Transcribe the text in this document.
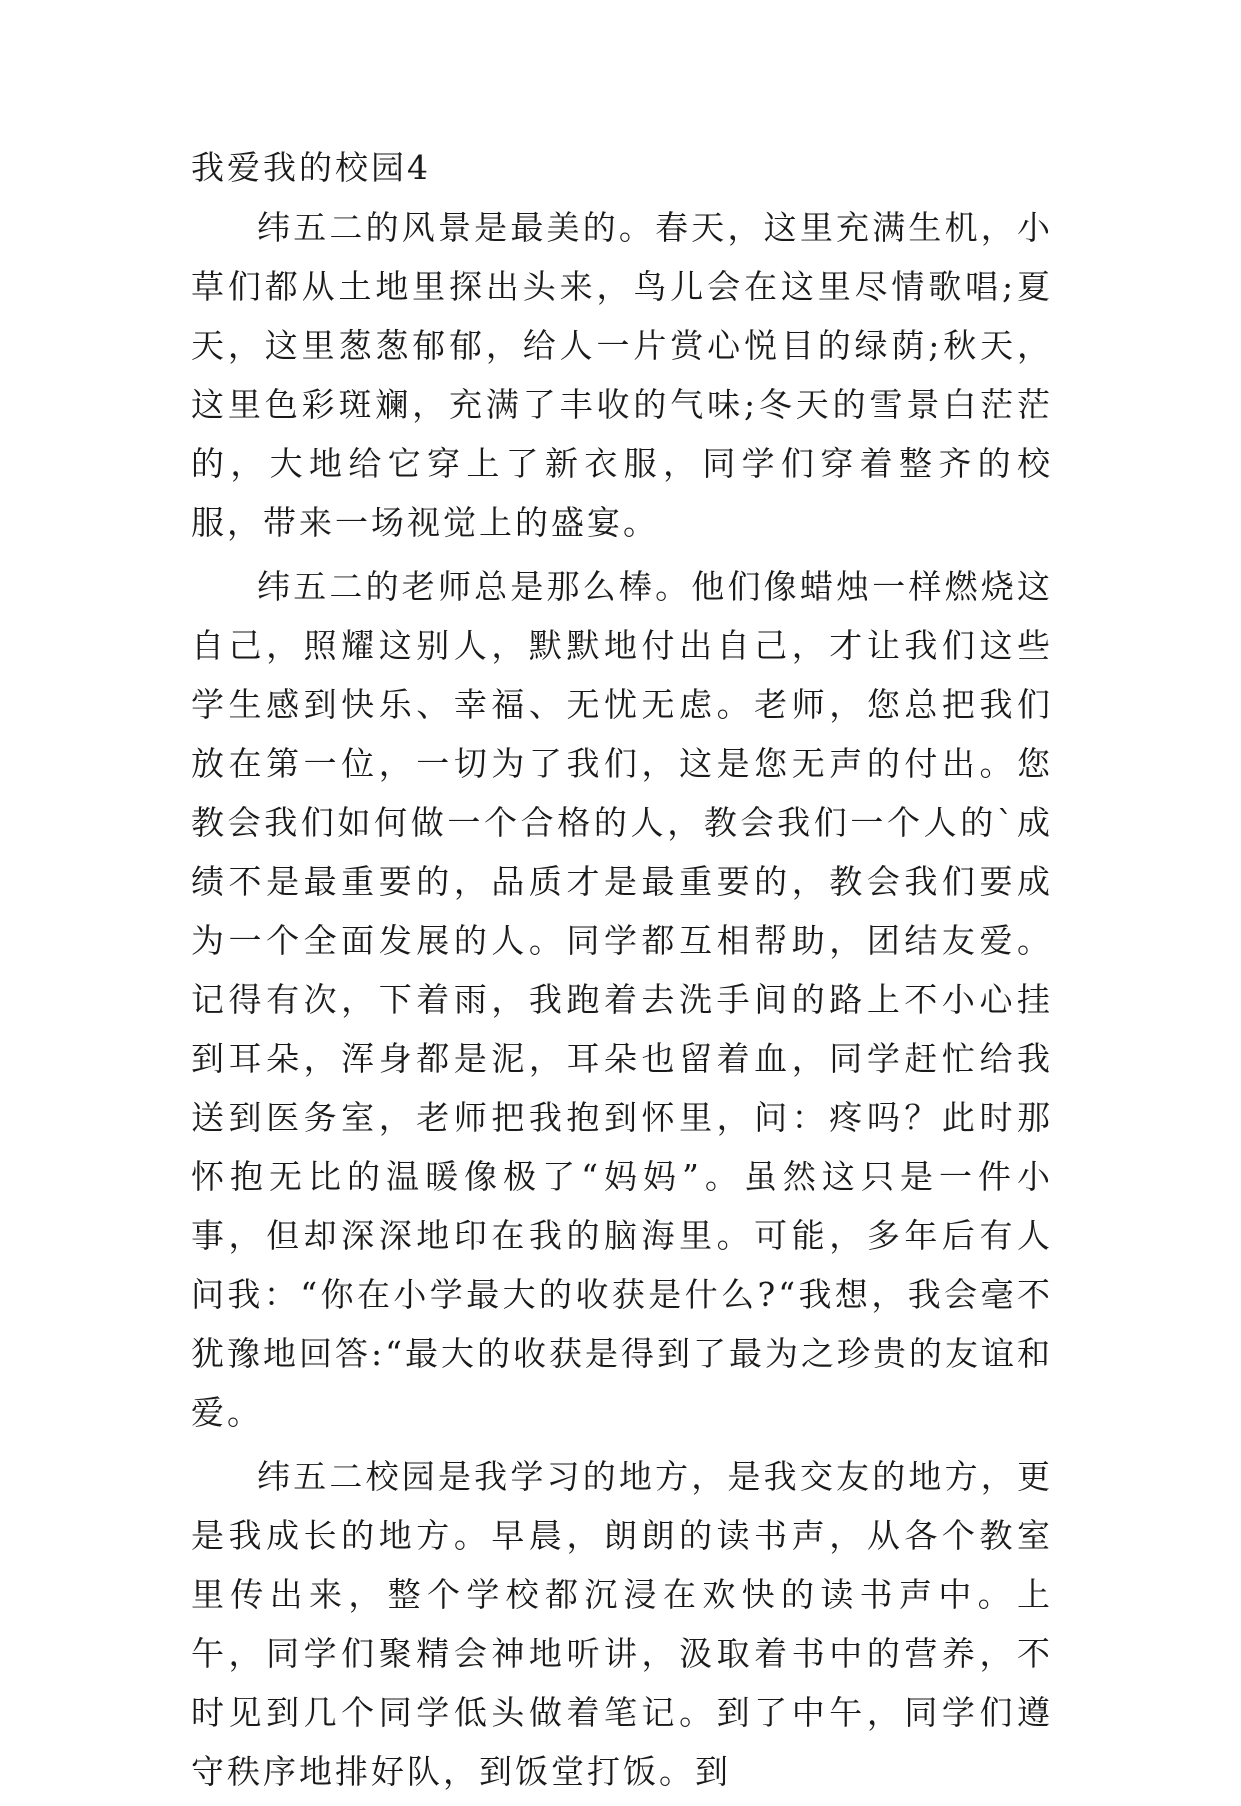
我爱我的校园4

纬五二的风景是最美的。春天，这里充满生机，小草们都从土地里探出头来，鸟儿会在这里尽情歌唱;夏天，这里葱葱郁郁，给人一片赏心悦目的绿荫;秋天，这里色彩斑斓，充满了丰收的气味;冬天的雪景白茫茫的，大地给它穿上了新衣服，同学们穿着整齐的校服，带来一场视觉上的盛宴。

纬五二的老师总是那么棒。他们像蜡烛一样燃烧这自己，照耀这别人，默默地付出自己，才让我们这些学生感到快乐、幸福、无忧无虑。老师，您总把我们放在第一位，一切为了我们，这是您无声的付出。您教会我们如何做一个合格的人，教会我们一个人的`成绩不是最重要的，品质才是最重要的，教会我们要成为一个全面发展的人。同学都互相帮助，团结友爱。记得有次，下着雨，我跑着去洗手间的路上不小心挂到耳朵，浑身都是泥，耳朵也留着血，同学赶忙给我送到医务室，老师把我抱到怀里，问：疼吗？此时那怀抱无比的温暖像极了“妈妈”。虽然这只是一件小事，但却深深地印在我的脑海里。可能，多年后有人问我：“你在小学最大的收获是什么?“我想，我会毫不犹豫地回答:“最大的收获是得到了最为之珍贵的友谊和爱。

纬五二校园是我学习的地方，是我交友的地方，更是我成长的地方。早晨，朗朗的读书声，从各个教室里传出来，整个学校都沉浸在欢快的读书声中。上午，同学们聚精会神地听讲，汲取着书中的营养，不时见到几个同学低头做着笔记。到了中午，同学们遵守秩序地排好队，到饭堂打饭。到
